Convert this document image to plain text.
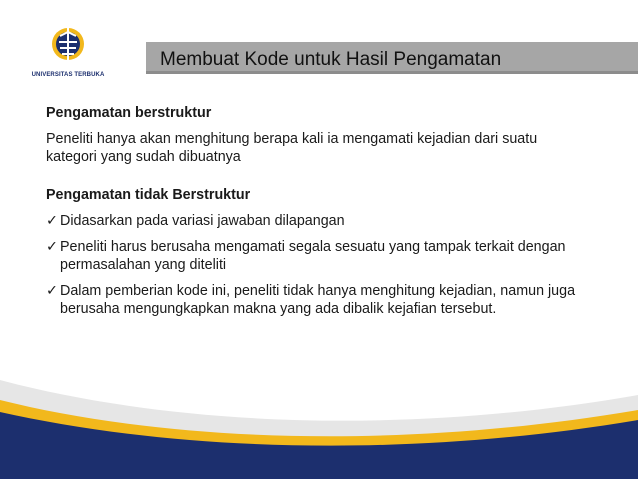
UNIVERSITAS TERBUKA
Membuat Kode untuk Hasil Pengamatan

Pengamatan berstruktur

Peneliti hanya akan menghitung berapa kali ia mengamati kejadian dari suatu kategori yang sudah dibuatnya

Pengamatan tidak Berstruktur

✓ Didasarkan pada variasi jawaban dilapangan

✓ Peneliti harus berusaha mengamati segala sesuatu yang tampak terkait dengan permasalahan yang diteliti

✓ Dalam pemberian kode ini, peneliti tidak hanya menghitung kejadian, namun juga berusaha mengungkapkan makna yang ada dibalik kejafian tersebut.
